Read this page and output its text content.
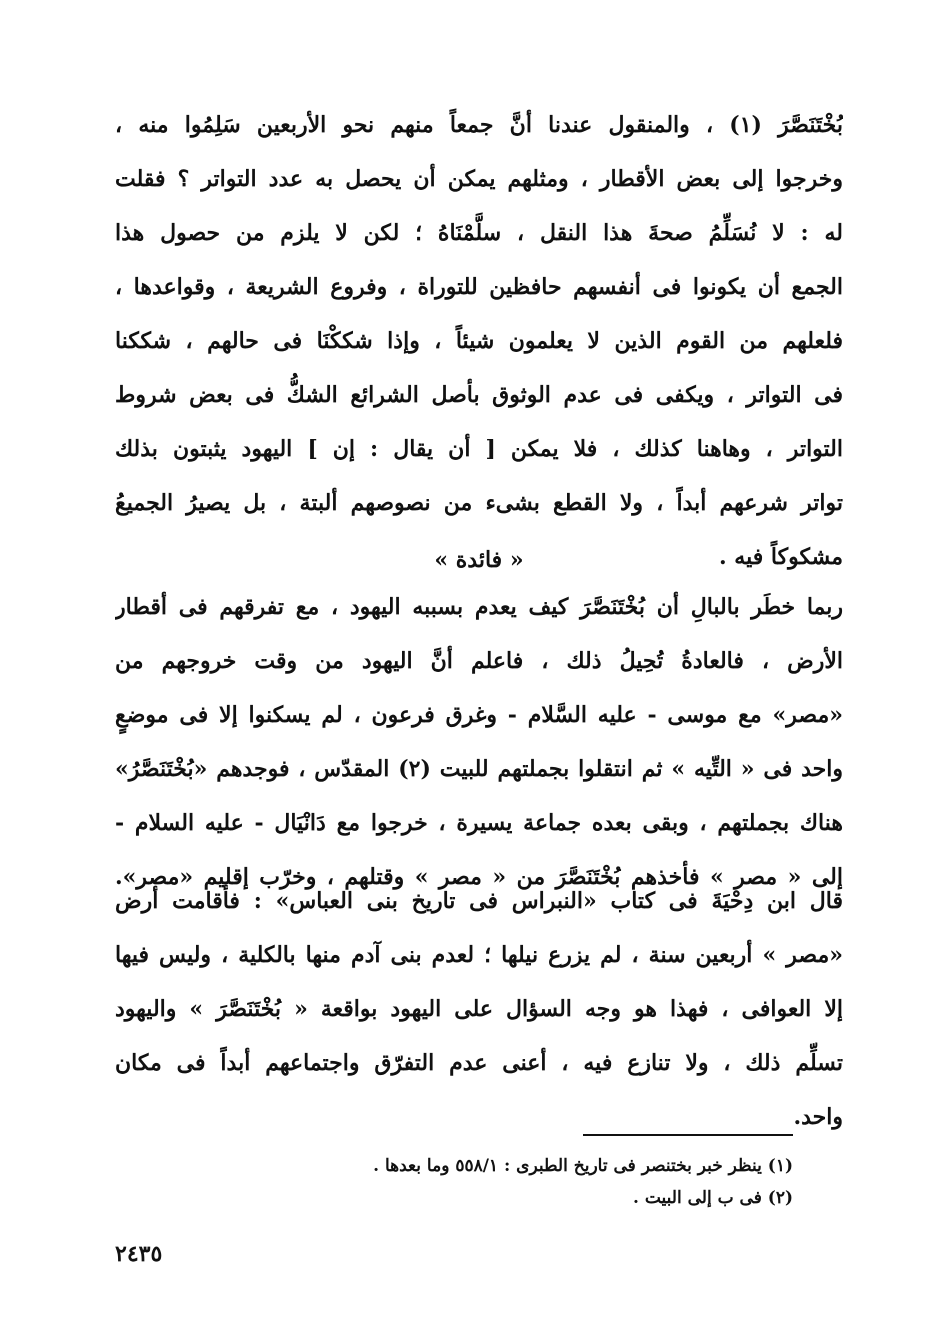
بُخْتَنَصَّرَ (١) ، والمنقول عندنا أنَّ جمعاً منهم نحو الأربعين سَلِمُوا منه ،
وخرجوا إلى بعض الأقطار ، ومثلهم يمكن أن يحصل به عدد التواتر ؟ فقلت
له : لا نُسَلِّمُ صحةَ هذا النقل ، سلَّمْنَاهُ ؛ لكن لا يلزم من حصول هذا
الجمع أن يكونوا فى أنفسهم حافظين للتوراة ، وفروع الشريعة ، وقواعدها ،
فلعلهم من القوم الذين لا يعلمون شيئاً ، وإذا شككْنَا فى حالهم ، شككنا
فى التواتر ، ويكفى فى عدم الوثوق بأصل الشرائع الشكُّ فى بعض شروط
التواتر ، وهاهنا كذلك ، فلا يمكن [ أن يقال : إن ] اليهود يثبتون بذلك
تواتر شرعهم أبداً ، ولا القطع بشىء من نصوصهم ألبتة ، بل يصيرُ الجميعُ
مشكوكاً فيه .
« فائدة »
ربما خطَر بالبالِ أن بُخْتَنَصَّرَ كيف يعدم بسببه اليهود ، مع تفرقهم فى أقطار
الأرض ، فالعادةُ تُحِيلُ ذلك ، فاعلم أنَّ اليهود من وقت خروجهم من
«مصر» مع موسى - عليه السَّلام - وغرق فرعون ، لم يسكنوا إلا فى موضعٍ
واحد فى « التِّيه » ثم انتقلوا بجملتهم للبيت (٢) المقدّس ، فوجدهم «بُخْتَنَصَّرُ»
هناك بجملتهم ، وبقى بعده جماعة يسيرة ، خرجوا مع دَانْيَال - عليه السلام -
إلى « مصر » فأخذهم بُخْتَنَصَّرَ من « مصر » وقتلهم ، وخرّب إقليم «مصر».
قال ابن دِحْيَةَ فى كتاب «النبراس فى تاريخ بنى العباس» : فأقامت أرض
«مصر » أربعين سنة ، لم يزرع نيلها ؛ لعدم بنى آدم منها بالكلية ، وليس فيها
إلا العوافى ، فهذا هو وجه السؤال على اليهود بواقعة « بُخْتَنَصَّرَ » واليهود
تسلِّم ذلك ، ولا تنازع فيه ، أعنى عدم التفرّق واجتماعهم أبداً فى مكان
واحد.
(١) ينظر خبر بختنصر فى تاريخ الطبرى : ٥٥٨/١ وما بعدها .
(٢) فى ب إلى البيت .
٢٤٣٥
